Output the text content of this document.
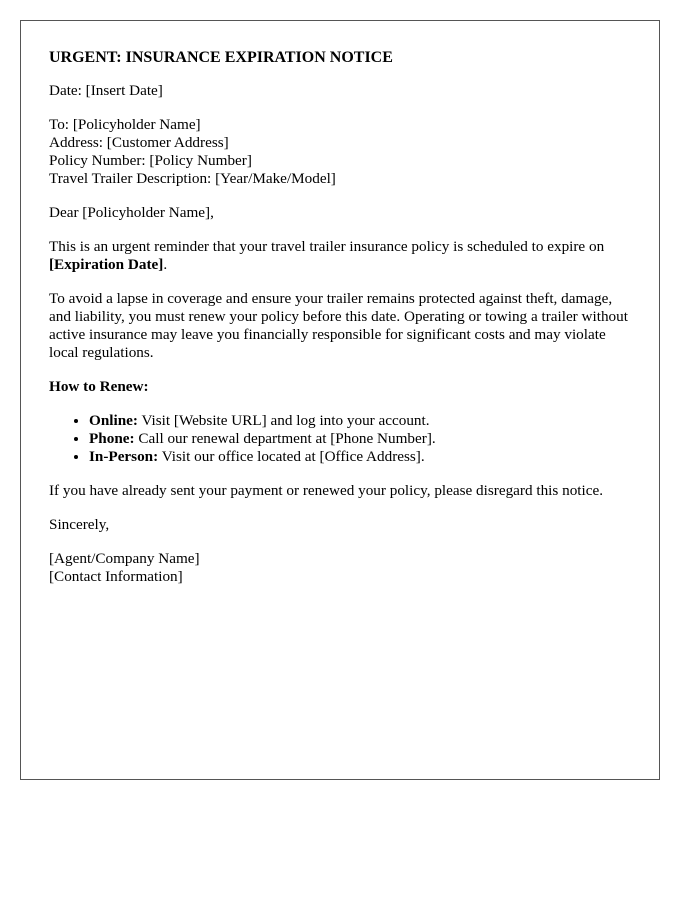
URGENT: INSURANCE EXPIRATION NOTICE

Date: [Insert Date]

To: [Policyholder Name]
Address: [Customer Address]
Policy Number: [Policy Number]
Travel Trailer Description: [Year/Make/Model]

Dear [Policyholder Name],

This is an urgent reminder that your travel trailer insurance policy is scheduled to expire on [Expiration Date].

To avoid a lapse in coverage and ensure your trailer remains protected against theft, damage, and liability, you must renew your policy before this date. Operating or towing a trailer without active insurance may leave you financially responsible for significant costs and may violate local regulations.

How to Renew:
• Online: Visit [Website URL] and log into your account.
• Phone: Call our renewal department at [Phone Number].
• In-Person: Visit our office located at [Office Address].

If you have already sent your payment or renewed your policy, please disregard this notice.

Sincerely,

[Agent/Company Name]
[Contact Information]
